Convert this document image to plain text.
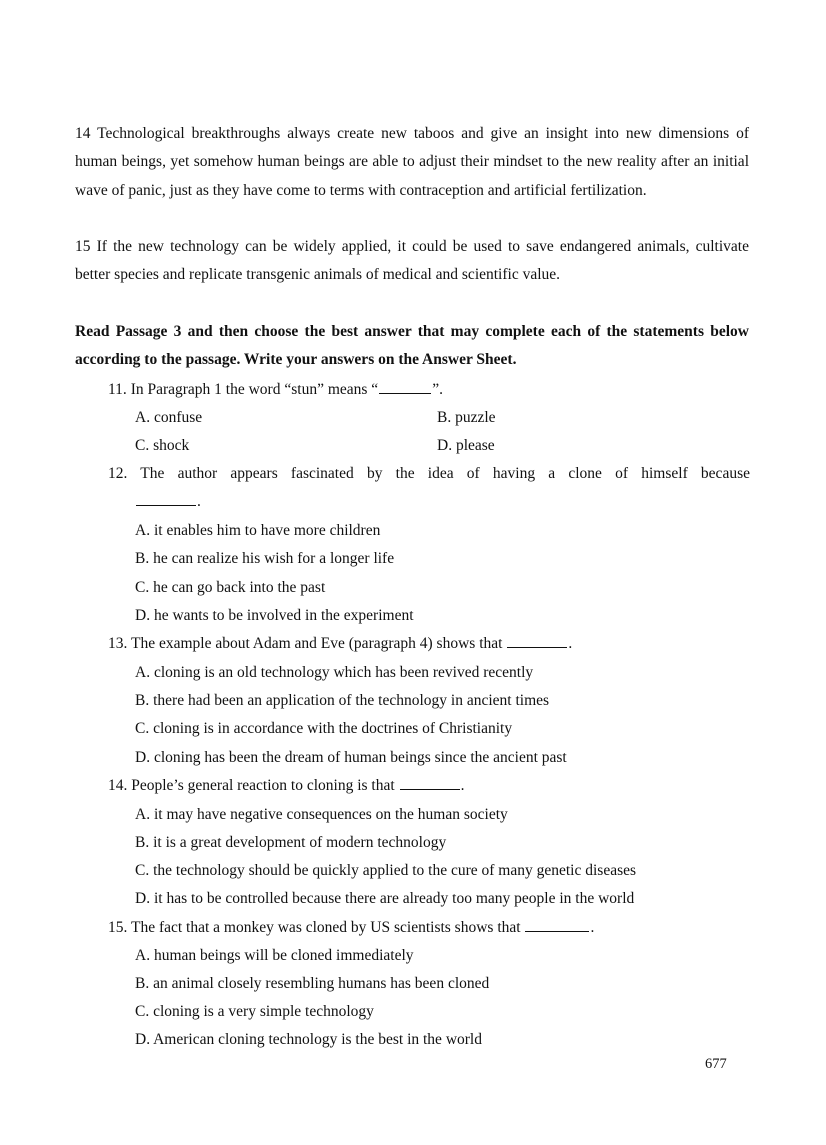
14 Technological breakthroughs always create new taboos and give an insight into new dimensions of human beings, yet somehow human beings are able to adjust their mindset to the new reality after an initial wave of panic, just as they have come to terms with contraception and artificial fertilization.

15 If the new technology can be widely applied, it could be used to save endangered animals, cultivate better species and replicate transgenic animals of medical and scientific value.

Read Passage 3 and then choose the best answer that may complete each of the statements below according to the passage. Write your answers on the Answer Sheet.

11. In Paragraph 1 the word “stun” means “	”.

A. confuse	B. puzzle

C. shock	D. please

12. The author appears fascinated by the idea of having a clone of himself because

.

A. it enables him to have more children

B. he can realize his wish for a longer life

C. he can go back into the past

D. he wants to be involved in the experiment

13. The example about Adam and Eve (paragraph 4) shows that	.

A. cloning is an old technology which has been revived recently

B. there had been an application of the technology in ancient times

C. cloning is in accordance with the doctrines of Christianity

D. cloning has been the dream of human beings since the ancient past

14. People’s general reaction to cloning is that	.

A. it may have negative consequences on the human society

B. it is a great development of modern technology

C. the technology should be quickly applied to the cure of many genetic diseases

D. it has to be controlled because there are already too many people in the world

15. The fact that a monkey was cloned by US scientists shows that	.

A. human beings will be cloned immediately

B. an animal closely resembling humans has been cloned

C. cloning is a very simple technology

D. American cloning technology is the best in the world

677
